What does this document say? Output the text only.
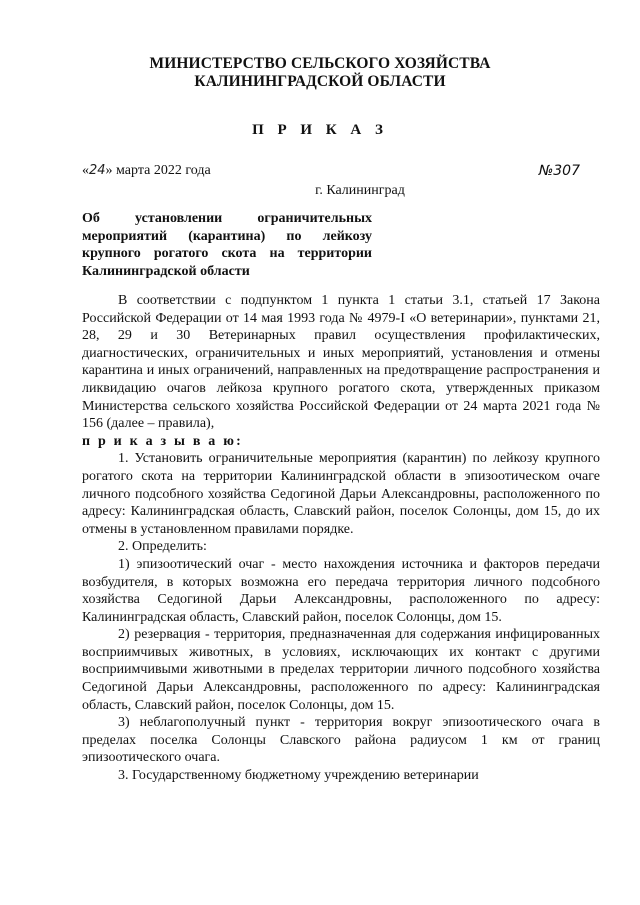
МИНИСТЕРСТВО СЕЛЬСКОГО ХОЗЯЙСТВА
КАЛИНИНГРАДСКОЙ ОБЛАСТИ
П Р И К А З
«24» марта 2022 года	№307
г. Калининград
Об установлении ограничительных мероприятий (карантина) по лейкозу крупного рогатого скота на территории Калининградской области

В соответствии с подпунктом 1 пункта 1 статьи 3.1, статьей 17 Закона Российской Федерации от 14 мая 1993 года № 4979-I «О ветеринарии», пунктами 21, 28, 29 и 30 Ветеринарных правил осуществления профилактических, диагностических, ограничительных и иных мероприятий, установления и отмены карантина и иных ограничений, направленных на предотвращение распространения и ликвидацию очагов лейкоза крупного рогатого скота, утвержденных приказом Министерства сельского хозяйства Российской Федерации от 24 марта 2021 года № 156 (далее – правила),

п р и к а з ы в а ю:

1. Установить ограничительные мероприятия (карантин) по лейкозу крупного рогатого скота на территории Калининградской области в эпизоотическом очаге личного подсобного хозяйства Седогиной Дарьи Александровны, расположенного по адресу: Калининградская область, Славский район, поселок Солонцы, дом 15, до их отмены в установленном правилами порядке.

2. Определить:

1) эпизоотический очаг - место нахождения источника и факторов передачи возбудителя, в которых возможна его передача территория личного подсобного хозяйства Седогиной Дарьи Александровны, расположенного по адресу: Калининградская область, Славский район, поселок Солонцы, дом 15.

2) резервация - территория, предназначенная для содержания инфицированных восприимчивых животных, в условиях, исключающих их контакт с другими восприимчивыми животными в пределах территории личного подсобного хозяйства Седогиной Дарьи Александровны, расположенного по адресу: Калининградская область, Славский район, поселок Солонцы, дом 15.

3) неблагополучный пункт - территория вокруг эпизоотического очага в пределах поселка Солонцы Славского района радиусом 1 км от границ эпизоотического очага.

3. Государственному бюджетному учреждению ветеринарии
